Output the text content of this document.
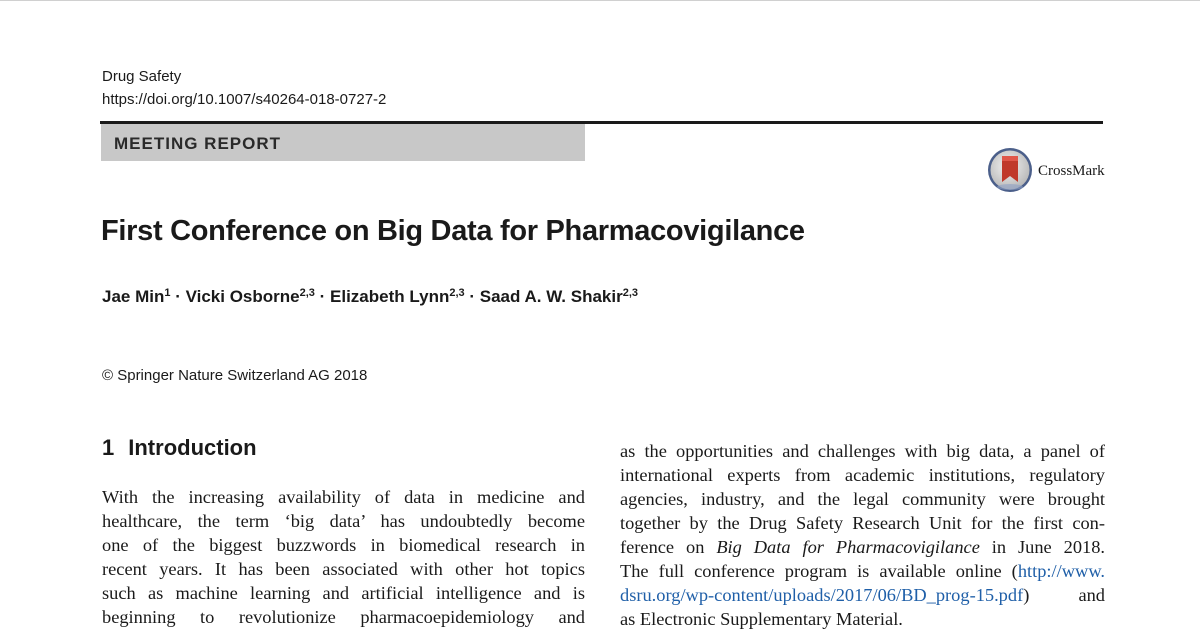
Drug Safety
https://doi.org/10.1007/s40264-018-0727-2
MEETING REPORT
CrossMark
First Conference on Big Data for Pharmacovigilance
Jae Min$^1$ · Vicki Osborne$^{2,3}$ · Elizabeth Lynn$^{2,3}$ · Saad A. W. Shakir$^{2,3}$
© Springer Nature Switzerland AG 2018
1 Introduction
With the increasing availability of data in medicine and
healthcare, the term ‘big data’ has undoubtedly become
one of the biggest buzzwords in biomedical research in
recent years. It has been associated with other hot topics
such as machine learning and artificial intelligence and is
beginning to revolutionize pharmacoepidemiology and
as the opportunities and challenges with big data, a panel of
international experts from academic institutions, regulatory
agencies, industry, and the legal community were brought
together by the Drug Safety Research Unit for the first con-
ference on Big Data for Pharmacovigilance in June 2018.
The full conference program is available online (http://www.
dsru.org/wp-content/uploads/2017/06/BD_prog-15.pdf) and
as Electronic Supplementary Material.
